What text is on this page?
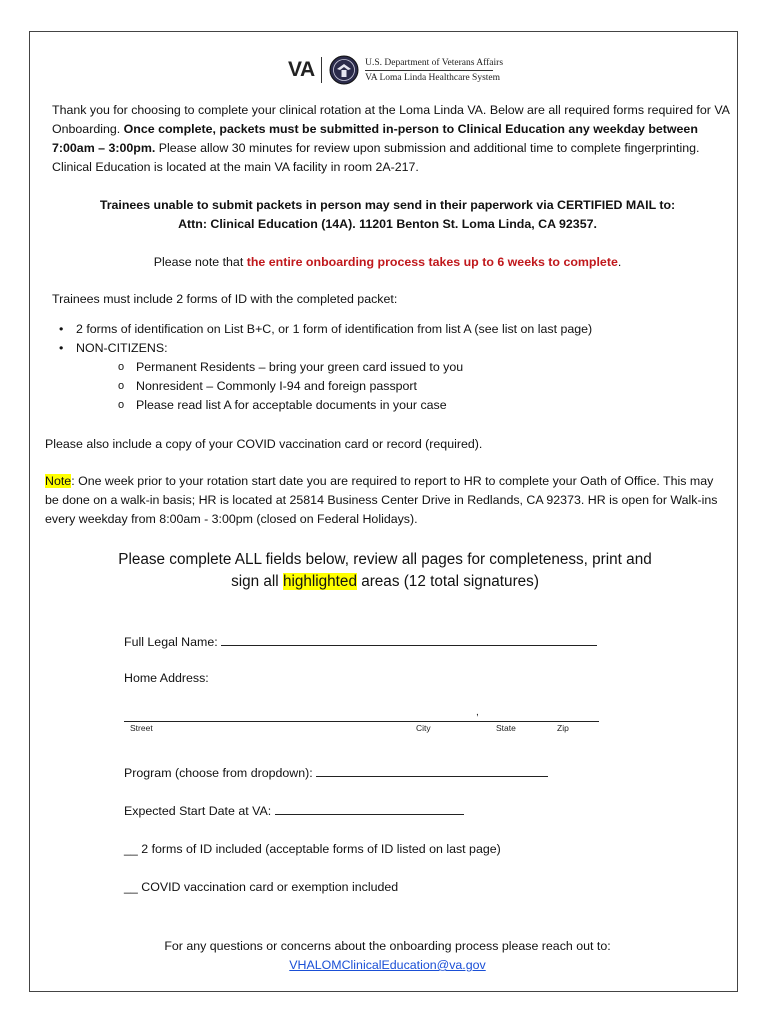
VA	U.S. Department of Veterans Affairs
VA Loma Linda Healthcare System
Thank you for choosing to complete your clinical rotation at the Loma Linda VA. Below are all required forms required for VA Onboarding. Once complete, packets must be submitted in-person to Clinical Education any weekday between 7:00am – 3:00pm. Please allow 30 minutes for review upon submission and additional time to complete fingerprinting. Clinical Education is located at the main VA facility in room 2A-217.
Trainees unable to submit packets in person may send in their paperwork via CERTIFIED MAIL to:
Attn: Clinical Education (14A). 11201 Benton St. Loma Linda, CA 92357.
Please note that the entire onboarding process takes up to 6 weeks to complete.
Trainees must include 2 forms of ID with the completed packet:
• 2 forms of identification on List B+C, or 1 form of identification from list A (see list on last page)
• NON-CITIZENS:
o Permanent Residents – bring your green card issued to you
o Nonresident – Commonly I-94 and foreign passport
o Please read list A for acceptable documents in your case
Please also include a copy of your COVID vaccination card or record (required).
Note: One week prior to your rotation start date you are required to report to HR to complete your Oath of Office. This may be done on a walk-in basis; HR is located at 25814 Business Center Drive in Redlands, CA 92373. HR is open for Walk-ins every weekday from 8:00am - 3:00pm (closed on Federal Holidays).
Please complete ALL fields below, review all pages for completeness, print and
sign all highlighted areas (12 total signatures)
Full Legal Name:
Home Address:
,
Street	City	State	Zip
Program (choose from dropdown):
Expected Start Date at VA:
__ 2 forms of ID included (acceptable forms of ID listed on last page)
__ COVID vaccination card or exemption included
For any questions or concerns about the onboarding process please reach out to:
VHALOMClinicalEducation@va.gov
